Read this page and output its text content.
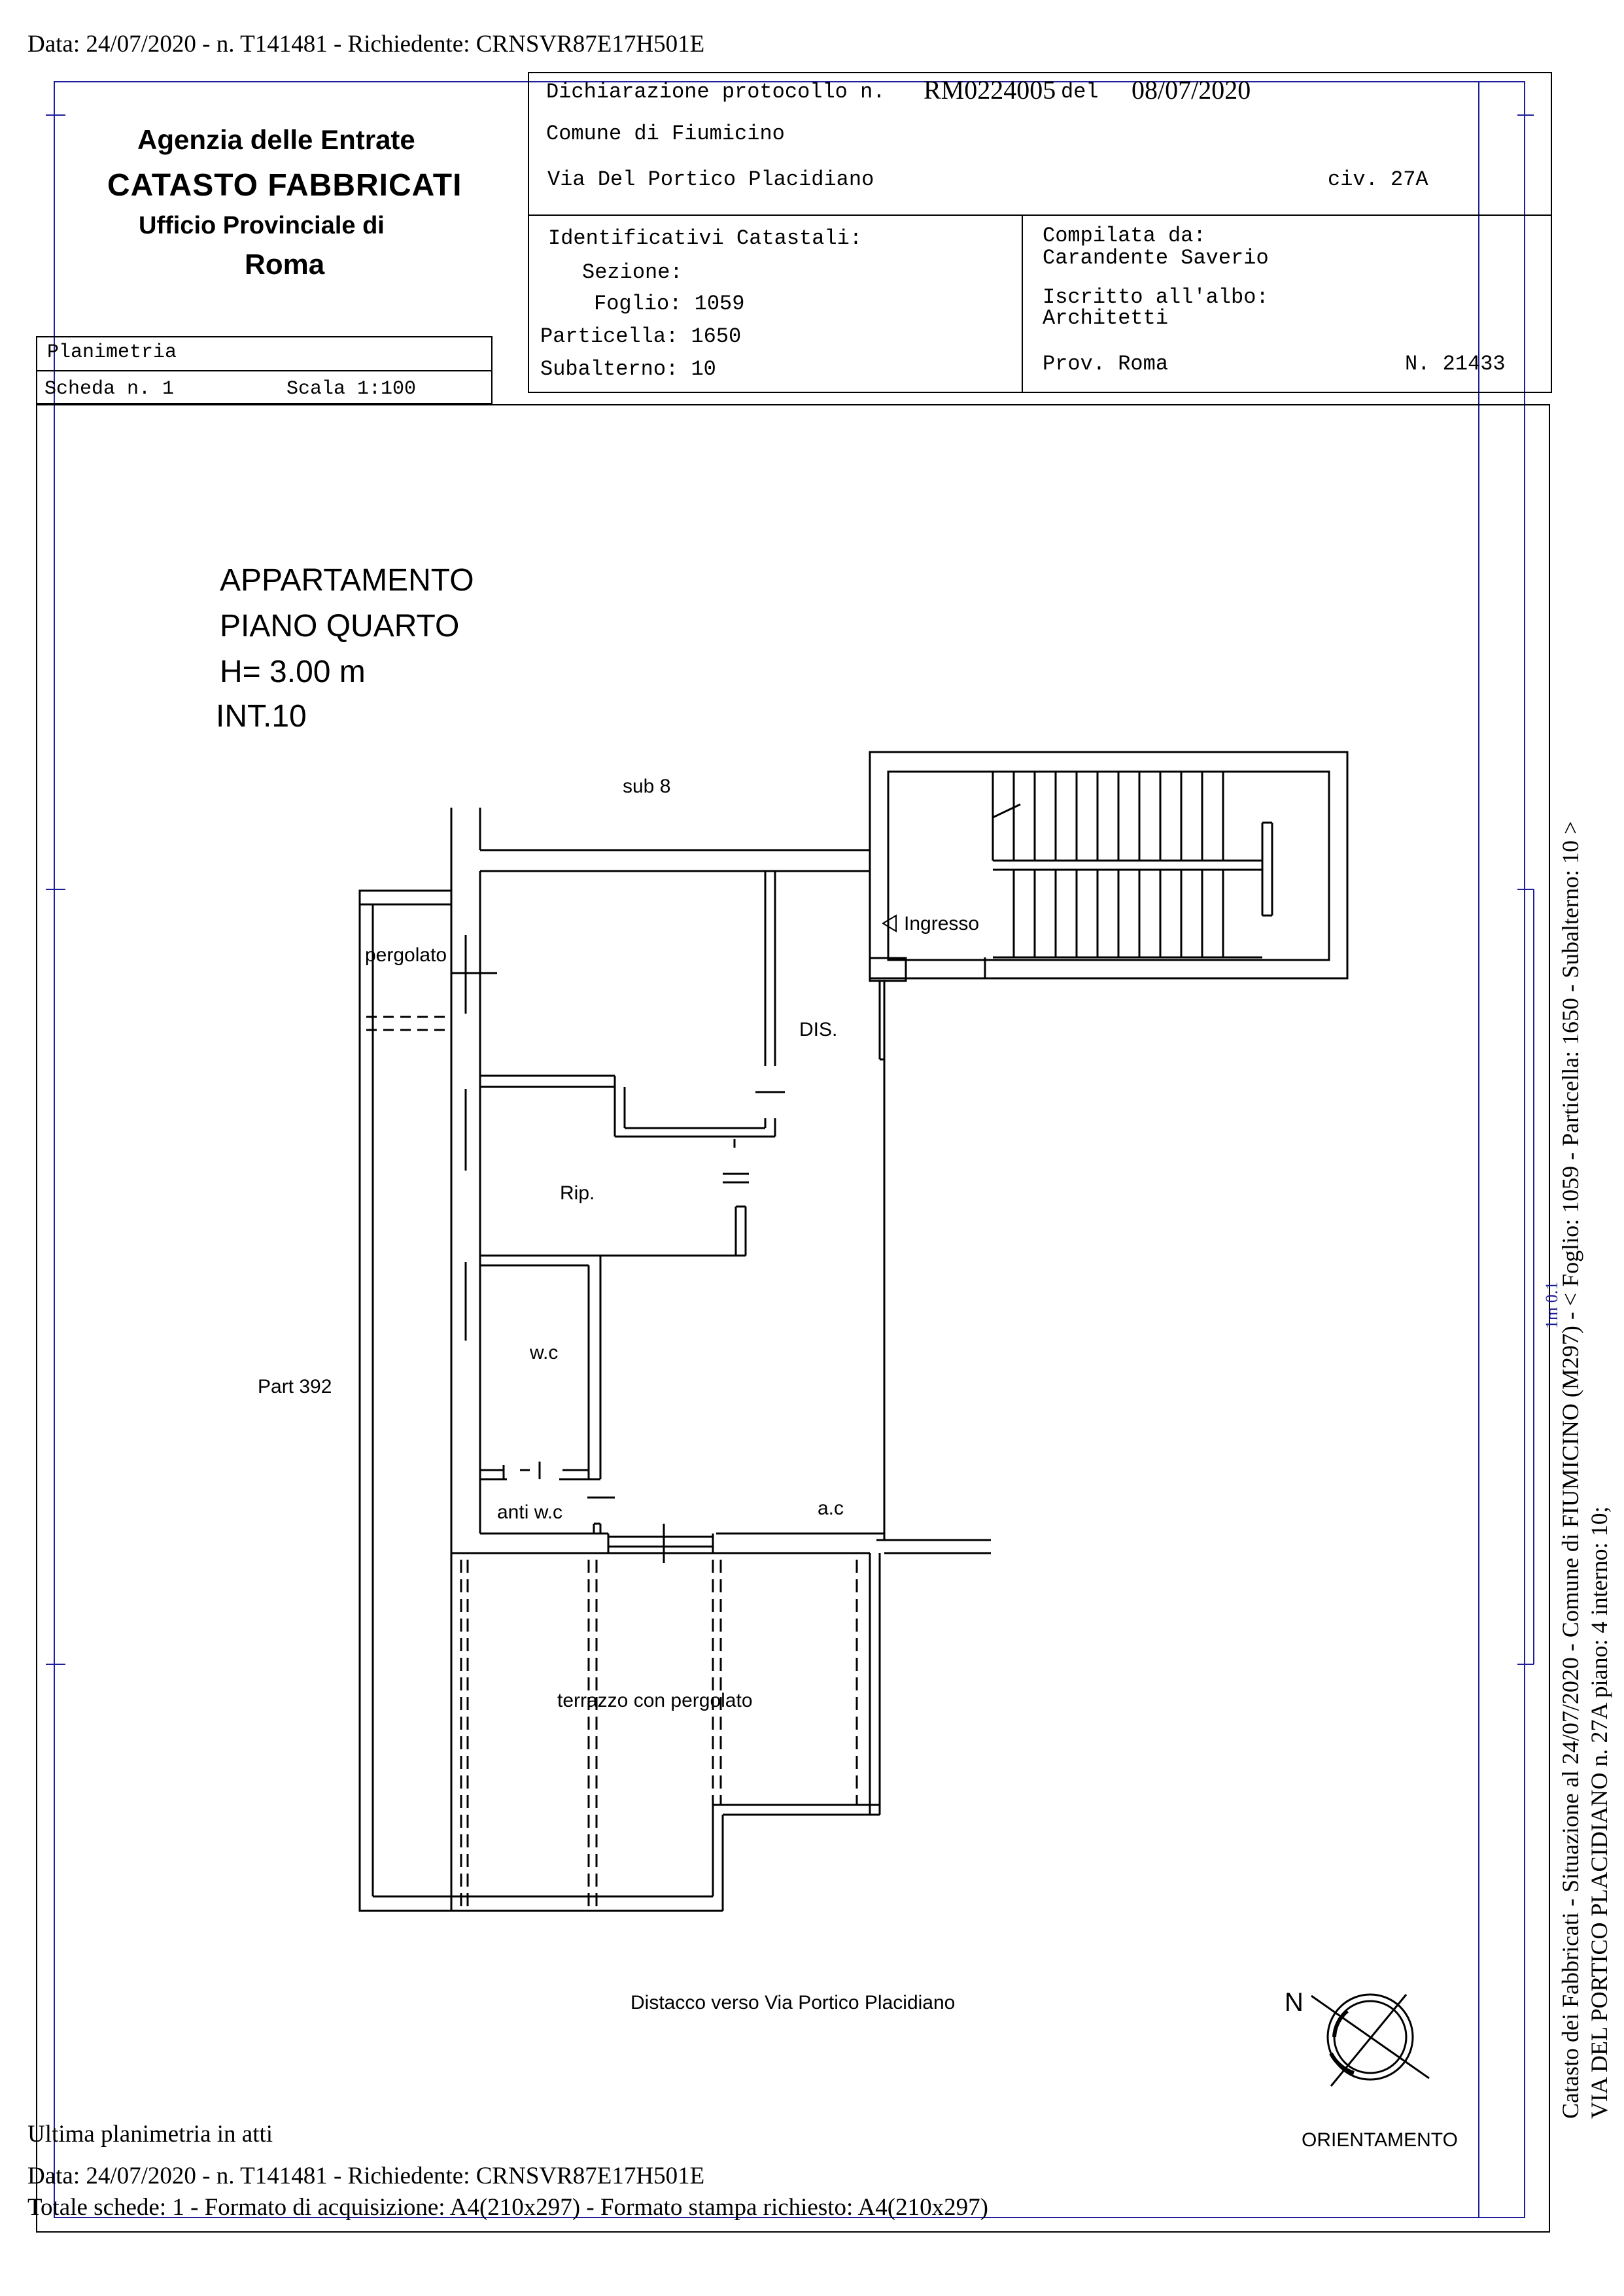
Data: 24/07/2020 - n. T141481 - Richiedente: CRNSVR87E17H501E
Agenzia delle Entrate
CATASTO FABBRICATI
Ufficio Provinciale di
Roma
Dichiarazione protocollo n. RM0224005 del 08/07/2020
Comune di Fiumicino
Via Del Portico Placidiano	civ. 27A
Identificativi Catastali:
Sezione:
Foglio: 1059
Particella: 1650
Subalterno: 10
Compilata da:
Carandente Saverio
Iscritto all'albo:
Architetti
Prov. Roma	N. 21433
Planimetria
Scheda n. 1	Scala 1:100
APPARTAMENTO
PIANO QUARTO
H= 3.00 m
INT.10
sub 8
Ingresso
pergolato
DIS.
Rip.
w.c
Part 392
anti w.c	a.c
terrazzo con pergolato
Distacco verso Via Portico Placidiano	N
ORIENTAMENTO
Catasto dei Fabbricati - Situazione al 24/07/2020 - Comune di FIUMICINO (M297) - < Foglio: 1059 - Particella: 1650 - Subalterno: 10 > VIA DEL PORTICO PLACIDIANO n. 27A piano: 4 interno: 10;
1m 0.1
Ultima planimetria in atti
Data: 24/07/2020 - n. T141481 - Richiedente: CRNSVR87E17H501E
Totale schede: 1 - Formato di acquisizione: A4(210x297) - Formato stampa richiesto: A4(210x297)
